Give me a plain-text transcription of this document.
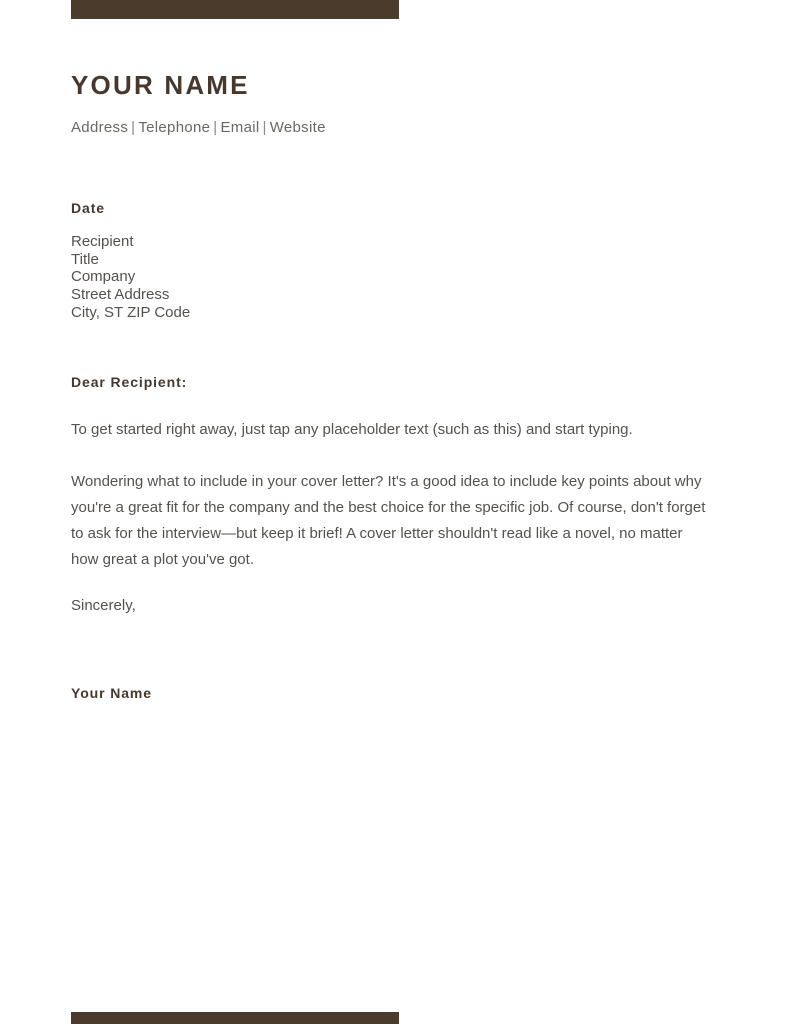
YOUR NAME

Address | Telephone | Email | Website

Date

Recipient
Title
Company
Street Address
City, ST ZIP Code

Dear Recipient:

To get started right away, just tap any placeholder text (such as this) and start typing.

Wondering what to include in your cover letter? It's a good idea to include key points about why you're a great fit for the company and the best choice for the specific job. Of course, don't forget to ask for the interview—but keep it brief! A cover letter shouldn't read like a novel, no matter how great a plot you've got.

Sincerely,

Your Name
